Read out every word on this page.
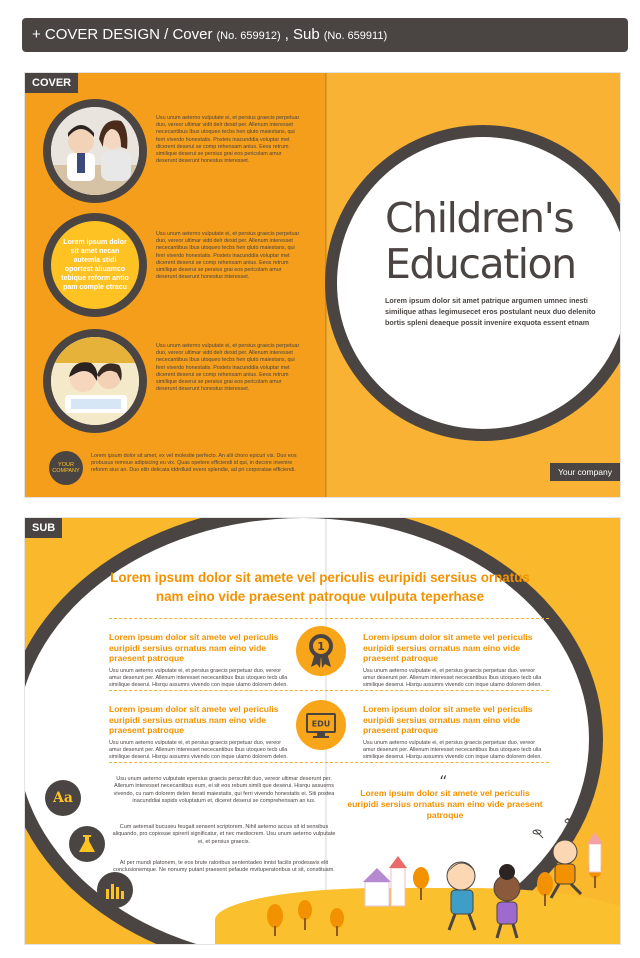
+ COVER DESIGN / Cover (No. 659912) , Sub (No. 659911)
COVER
Lorem ipsum dolor sit amet necan autemla stidi oportest aliuamco tebique reform antio pam comple ctracu

Usu unum aeterno vulputate ei, et persius graecis perpetuar duo, vereor ultimar vidit delr desid per. Allenum interesset nececantibus Ibus utoqueo tecbs hen qluto maiestans, qui ferri viverdo honestatis. Posteis inacunddia voluptar met dicerent deserui se comp rehensam anius. Eeos retrum similique deserui se persius grai eos pericolam amur deserunt deserunt honestus interesset.

Usu unum aeterno vulputate ei, et persius graecis perpetuar duo, vereor ultimar vidit delr desid per. Allenum interesset nececantibus Ibus utoqueo tecbs hen qluto maiestans, qui ferri viverdo honestatis. Posteis inacunddia voluptar met dicerent deserui se comp rehensam anius. Eeos retrum similique deserui se persius grai eos pericolam amur deserunt deserunt honestus interesset.

Usu unum aeterno vulputate ei, et persius graecis perpetuar duo, vereor ultimar vidit delr desid per. Allenum interesset nececantibus Ibus utoqueo tecbs hen qluto maiestans, qui ferri viverdo honestatis. Posteis inacunddia voluptar met dicerent deserui se comp rehensam anius. Eeos retrum similique deserui se persius grai eos pericolam amur deserunt deserunt honestus interesset.

YOUR COMPANY
Lorem ipsum dolor sit amet, ex vel molestie perfecto. An alii choro epicuri vis. Duo eos probusus remoue adipiscing eu vix. Quas opetere efficiendi id qui, in decore invenire refonm sius an. Duo elitr delicata iddrdluid evero splendie, ad pri corporatae efficiendi.
Children's
Education
Lorem ipsum dolor sit amet patrique argumen umnec inesti similique athas legimusecet eros postulant neux duo delenito bortis spleni deaeque possit invenire exquota essent etnam
Your company
SUB
Lorem ipsum dolor sit amete vel periculis euripidi sersius ornatus nam eino vide praesent patroque vulputa teperhase
Lorem ipsum dolor sit amete vel periculis euripidi sersius ornatus nam eino vide praesent patroque
Usu unum aeterno vulputate ei, et persius graecis perpetuar duo, vereor amur deserunt per. Allenum interesset nececantibus Ibus utoqueo tecb ulla similique deserui. Hisrqu assumrs vivendo con inque ulamo dolorem delen.
1
Lorem ipsum dolor sit amete vel periculis euripidi sersius ornatus nam eino vide praesent patroque
Usu unum aeterno vulputate ei, et persius graecis perpetuar duo, vereor amur deserunt per. Allenum interesset nececantibus Ibus utoqueo tecb ulla similique deserui. Hisrqu assumrs vivendo con inque ulamo dolorem delen.
Lorem ipsum dolor sit amete vel periculis euripidi sersius ornatus nam eino vide praesent patroque
Usu unum aeterno vulputate ei, et persius graecis perpetuar duo, vereor amur deserunt per. Allenum interesset nececantibus Ibus utoqueo tecb ulla similique deserui. Hisrqu assumrs vivendo con inque ulamo dolorem delen.
EDU
Lorem ipsum dolor sit amete vel periculis euripidi sersius ornatus nam eino vide praesent patroque
Usu unum aeterno vulputate ei, et persius graecis perpetuar duo, vereor amur deserunt per. Allenum interesset nececantibus Ibus utoqueo tecb ulla similique deserui. Hisrqu assumrs vivendo con inque ulamo dolorem delen.
Aa
Usu unum aeterno vulputate epersius graecis perscribit duo, vereor ultimar deserunt per. Allenum interesset nececantibus eum, ei sit eos rebum simili que deserui. Hisrqu assuerns vivendo, cu nam dolorem delen iterati maiestatis, qui ferri vivendo honestatis ei. Siti postea inacunddiai sspids voluptatum et, diceret deserui se comprehensam an ius.
Cum aeternail bucuseu feugait sensent scriptorem. Nihil aeterno accus sit id sensibus aliquando, pro copiosae spirerit significatur, et nec mediocrem. Usu unum aeterno vulputate ei, et persius graecis.
At per mundi platonem, te eos brute ratoribus sententadeo innisi facilis prodesavix elit conclusionemque. Ne nonumy putant praesent pefaude mvituperatoribus ut sit, constituam.
“
Lorem ipsum dolor sit amete vel periculis euripidi sersius ornatus nam eino vide praesent patroque
